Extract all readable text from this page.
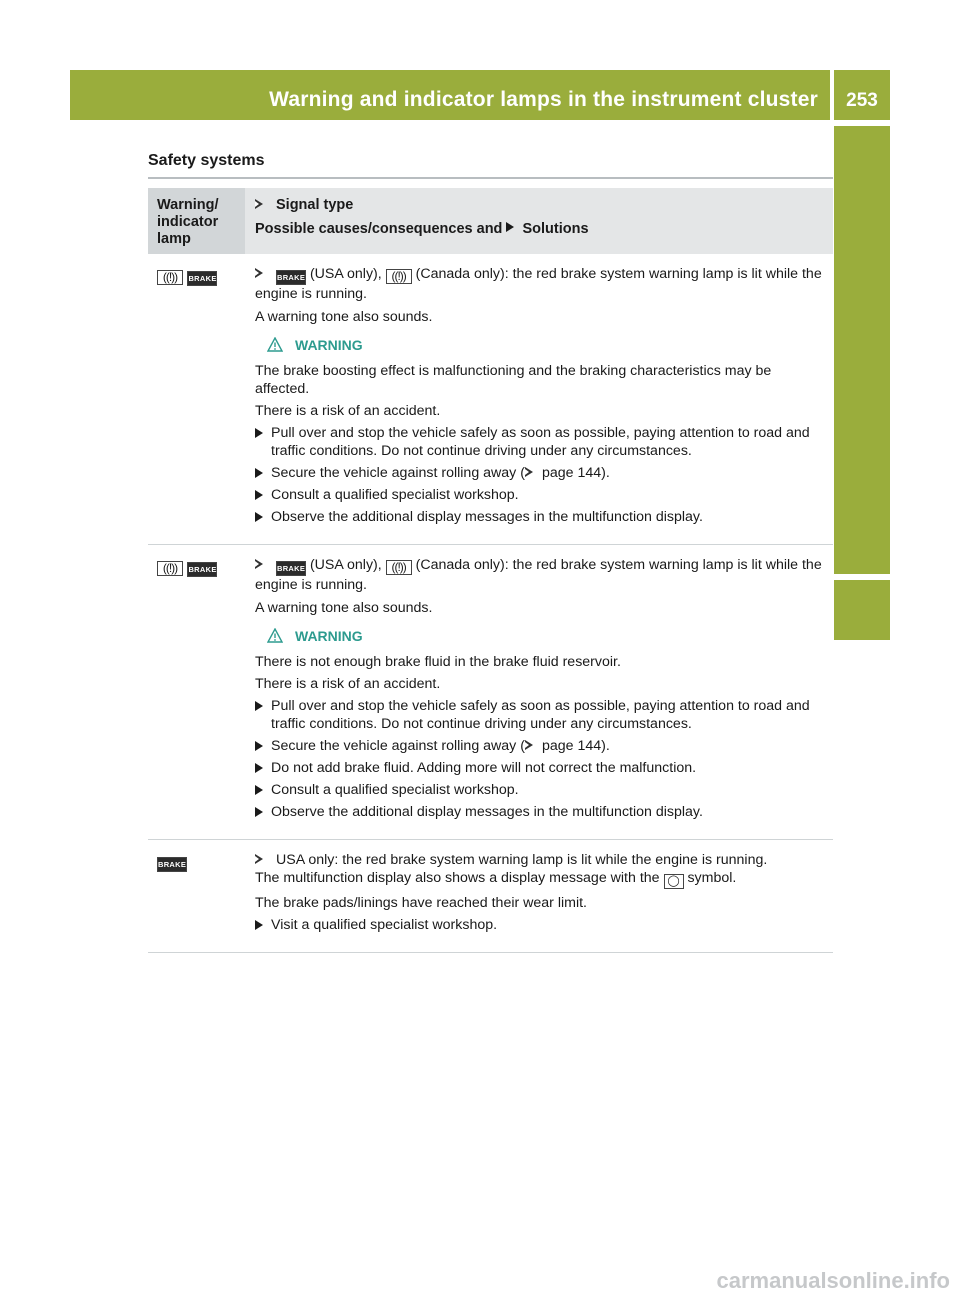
Warning and indicator lamps in the instrument cluster	253
On-board computer and displays
Safety systems
Warning/
indicator
lamp
Signal type
Possible causes/consequences and Solutions
((!)) BRAKE	BRAKE (USA only), ((!)) (Canada only): the red brake system warning lamp is lit while the engine is running.

A warning tone also sounds.

WARNING

The brake boosting effect is malfunctioning and the braking characteristics may be affected.

There is a risk of an accident.

Pull over and stop the vehicle safely as soon as possible, paying attention to road and traffic conditions. Do not continue driving under any circumstances.
Secure the vehicle against rolling away ( page 144).
Consult a qualified specialist workshop.
Observe the additional display messages in the multifunction display.
((!)) BRAKE	BRAKE (USA only), ((!)) (Canada only): the red brake system warning lamp is lit while the engine is running.

A warning tone also sounds.

WARNING

There is not enough brake fluid in the brake fluid reservoir.

There is a risk of an accident.

Pull over and stop the vehicle safely as soon as possible, paying attention to road and traffic conditions. Do not continue driving under any circumstances.
Secure the vehicle against rolling away ( page 144).
Do not add brake fluid. Adding more will not correct the malfunction.
Consult a qualified specialist workshop.
Observe the additional display messages in the multifunction display.
BRAKE	USA only: the red brake system warning lamp is lit while the engine is running.

The multifunction display also shows a display message with the ◯ symbol.

The brake pads/linings have reached their wear limit.

Visit a qualified specialist workshop.
carmanualsonline.info
